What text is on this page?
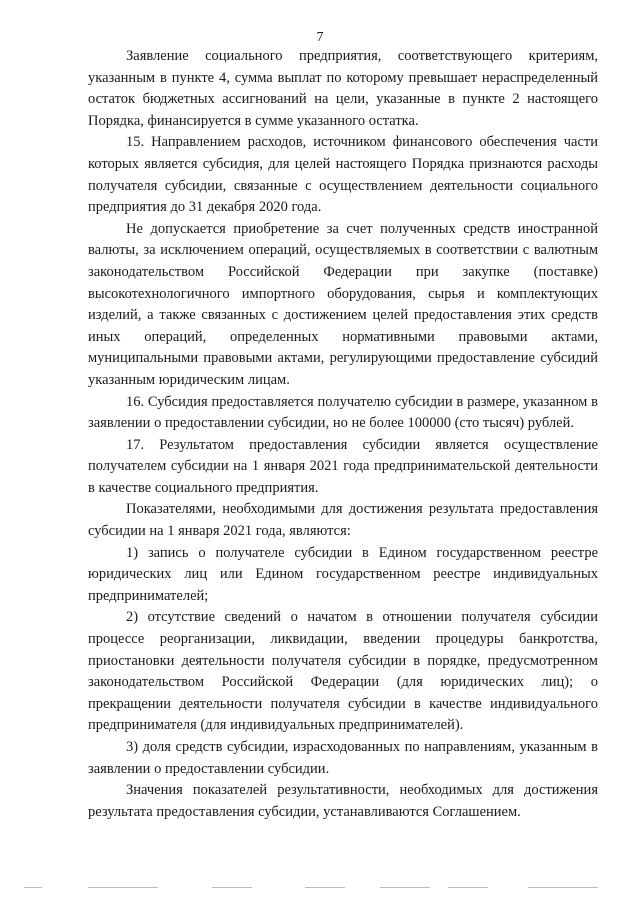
7

Заявление социального предприятия, соответствующего критериям, указанным в пункте 4, сумма выплат по которому превышает нераспределенный остаток бюджетных ассигнований на цели, указанные в пункте 2 настоящего Порядка, финансируется в сумме указанного остатка.

15. Направлением расходов, источником финансового обеспечения части которых является субсидия, для целей настоящего Порядка признаются расходы получателя субсидии, связанные с осуществлением деятельности социального предприятия до 31 декабря 2020 года.

Не допускается приобретение за счет полученных средств иностранной валюты, за исключением операций, осуществляемых в соответствии с валютным законодательством Российской Федерации при закупке (поставке) высокотехнологичного импортного оборудования, сырья и комплектующих изделий, а также связанных с достижением целей предоставления этих средств иных операций, определенных нормативными правовыми актами, муниципальными правовыми актами, регулирующими предоставление субсидий указанным юридическим лицам.

16. Субсидия предоставляется получателю субсидии в размере, указанном в заявлении о предоставлении субсидии, но не более 100000 (сто тысяч) рублей.

17. Результатом предоставления субсидии является осуществление получателем субсидии на 1 января 2021 года предпринимательской деятельности в качестве социального предприятия.

Показателями, необходимыми для достижения результата предоставления субсидии на 1 января 2021 года, являются:

1) запись о получателе субсидии в Едином государственном реестре юридических лиц или Едином государственном реестре индивидуальных предпринимателей;

2) отсутствие сведений о начатом в отношении получателя субсидии процессе реорганизации, ликвидации, введении процедуры банкротства, приостановки деятельности получателя субсидии в порядке, предусмотренном законодательством Российской Федерации (для юридических лиц); о прекращении деятельности получателя субсидии в качестве индивидуального предпринимателя (для индивидуальных предпринимателей).

3) доля средств субсидии, израсходованных по направлениям, указанным в заявлении о предоставлении субсидии.

Значения показателей результативности, необходимых для достижения результата предоставления субсидии, устанавливаются Соглашением.
